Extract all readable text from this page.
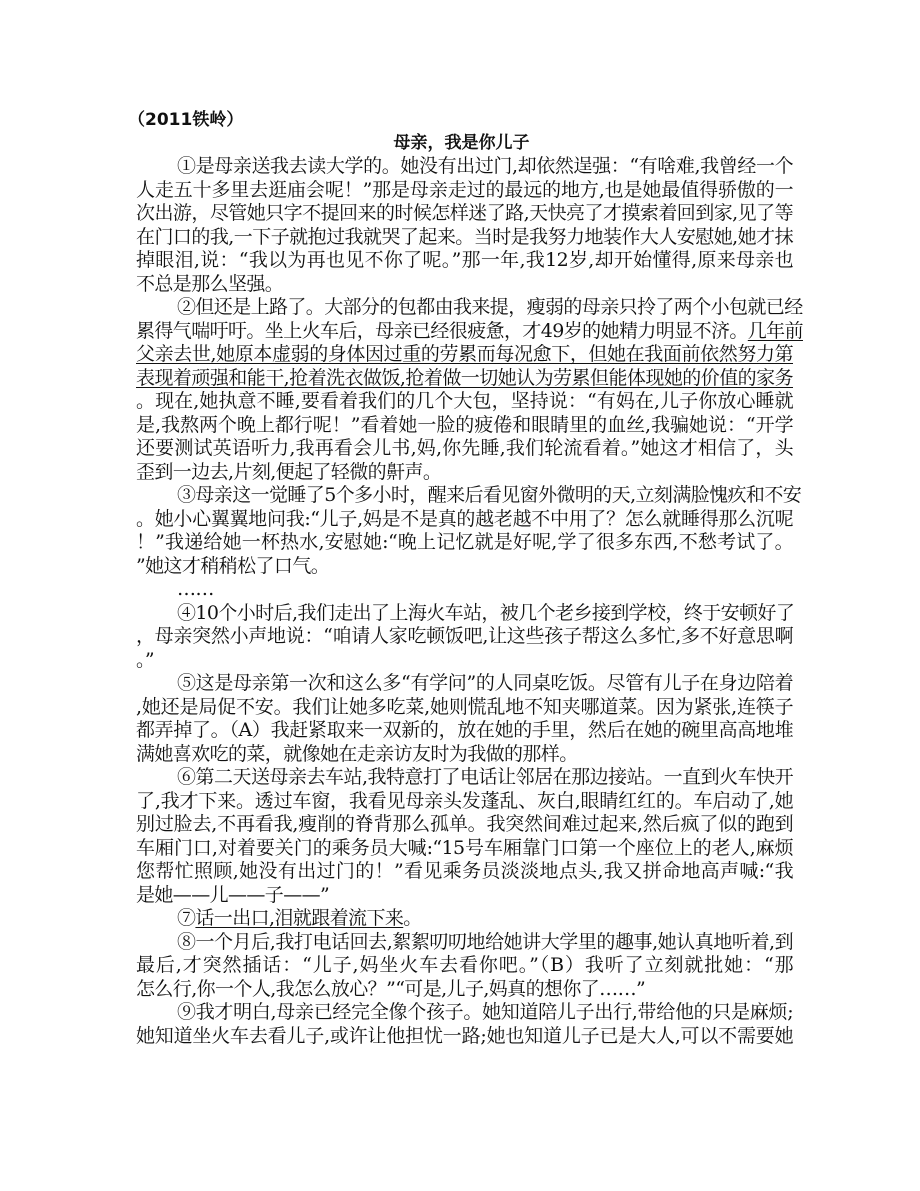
（2011铁岭）
母亲，我是你儿子
①是母亲送我去读大学的。她没有出过门,却依然逞强：“有啥难,我曾经一个
人走五十多里去逛庙会呢！”那是母亲走过的最远的地方,也是她最值得骄傲的一
次出游，尽管她只字不提回来的时候怎样迷了路,天快亮了才摸索着回到家,见了等
在门口的我,一下子就抱过我就哭了起来。当时是我努力地装作大人安慰她,她才抹
掉眼泪,说：“我以为再也见不你了呢。”那一年,我12岁,却开始懂得,原来母亲也
不总是那么坚强。
②但还是上路了。大部分的包都由我来提，瘦弱的母亲只拎了两个小包就已经
累得气喘吁吁。坐上火车后，母亲已经很疲惫，才49岁的她精力明显不济。几年前
父亲去世,她原本虚弱的身体因过重的劳累而每况愈下，但她在我面前依然努力第
表现着顽强和能干,抢着洗衣做饭,抢着做一切她认为劳累但能体现她的价值的家务
。现在,她执意不睡,要看着我们的几个大包，坚持说：“有妈在,儿子你放心睡就
是,我熬两个晚上都行呢！”看着她一脸的疲倦和眼睛里的血丝,我骗她说：“开学
还要测试英语听力,我再看会儿书,妈,你先睡,我们轮流看着。”她这才相信了，头
歪到一边去,片刻,便起了轻微的鼾声。
③母亲这一觉睡了5个多小时，醒来后看见窗外微明的天,立刻满脸愧疚和不安
。她小心翼翼地问我:“儿子,妈是不是真的越老越不中用了？怎么就睡得那么沉呢
！”我递给她一杯热水,安慰她:“晚上记忆就是好呢,学了很多东西,不愁考试了。
”她这才稍稍松了口气。
……
④10个小时后,我们走出了上海火车站，被几个老乡接到学校，终于安顿好了
，母亲突然小声地说：“咱请人家吃顿饭吧,让这些孩子帮这么多忙,多不好意思啊
。”
⑤这是母亲第一次和这么多“有学问”的人同桌吃饭。尽管有儿子在身边陪着
,她还是局促不安。我们让她多吃菜,她则慌乱地不知夹哪道菜。因为紧张,连筷子
都弄掉了。（A）我赶紧取来一双新的，放在她的手里，然后在她的碗里高高地堆
满她喜欢吃的菜，就像她在走亲访友时为我做的那样。
⑥第二天送母亲去车站,我特意打了电话让邻居在那边接站。一直到火车快开
了,我才下来。透过车窗，我看见母亲头发蓬乱、灰白,眼睛红红的。车启动了,她
别过脸去,不再看我,瘦削的脊背那么孤单。我突然间难过起来,然后疯了似的跑到
车厢门口,对着要关门的乘务员大喊:“15号车厢靠门口第一个座位上的老人,麻烦
您帮忙照顾,她没有出过门的！”看见乘务员淡淡地点头,我又拼命地高声喊:“我
是她——儿——子——”
⑦话一出口,泪就跟着流下来。
⑧一个月后,我打电话回去,絮絮叨叨地给她讲大学里的趣事,她认真地听着,到
最后,才突然插话：“儿子,妈坐火车去看你吧。”（B）我听了立刻就批她：“那
怎么行,你一个人,我怎么放心？”“可是,儿子,妈真的想你了……”
⑨我才明白,母亲已经完全像个孩子。她知道陪儿子出行,带给他的只是麻烦;
她知道坐火车去看儿子,或许让他担忧一路;她也知道儿子已是大人,可以不需要她
